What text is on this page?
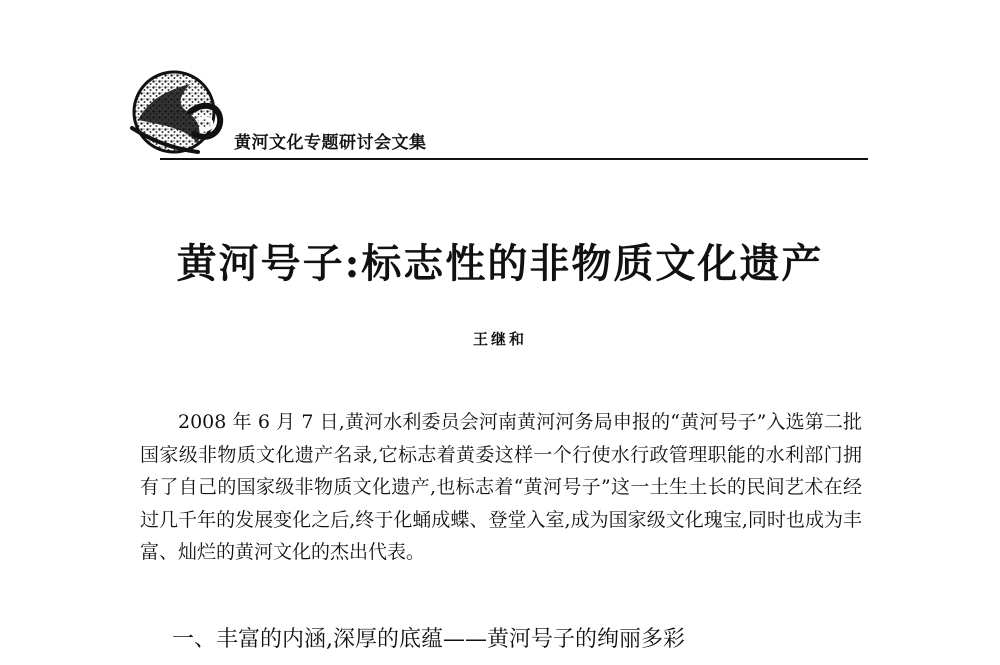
黄河文化专题研讨会文集
黄河号子:标志性的非物质文化遗产
王继和

2008 年 6 月 7 日,黄河水利委员会河南黄河河务局申报的“黄河号子”入选第二批国家级非物质文化遗产名录,它标志着黄委这样一个行使水行政管理职能的水利部门拥有了自己的国家级非物质文化遗产,也标志着“黄河号子”这一土生土长的民间艺术在经过几千年的发展变化之后,终于化蛹成蝶、登堂入室,成为国家级文化瑰宝,同时也成为丰富、灿烂的黄河文化的杰出代表。

一、丰富的内涵,深厚的底蕴——黄河号子的绚丽多彩
